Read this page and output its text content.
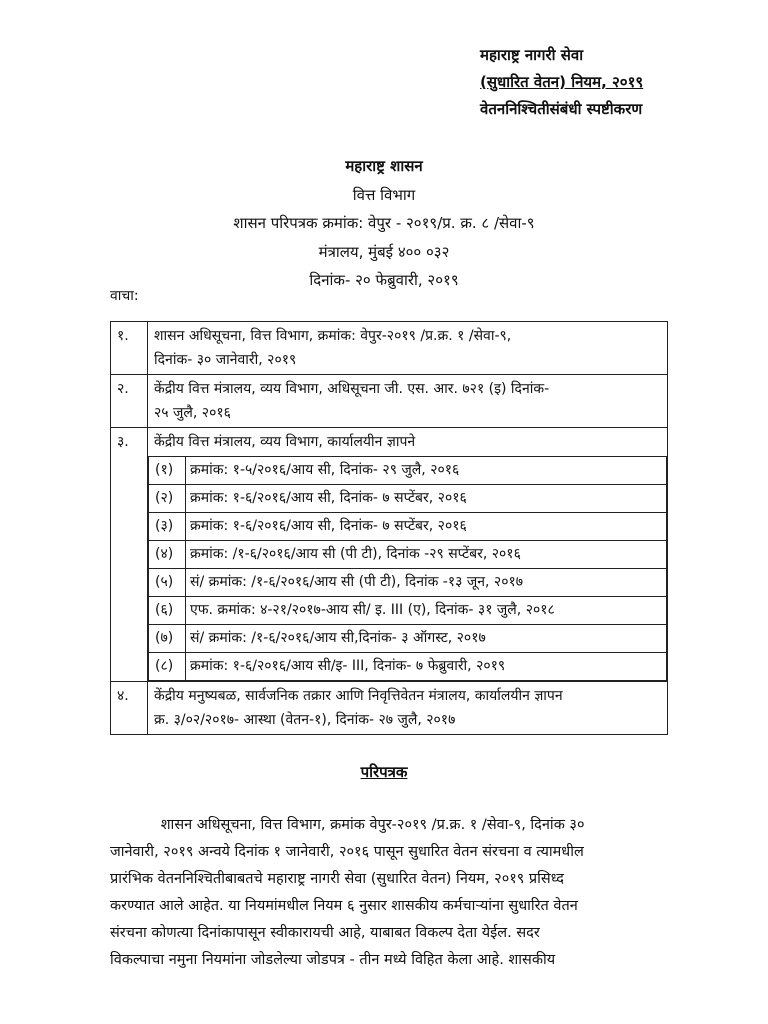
महाराष्ट्र नागरी सेवा
(सुधारित वेतन) नियम, २०१९
वेतननिश्चितीसंबंधी स्पष्टीकरण
महाराष्ट्र शासन
वित्त विभाग
शासन परिपत्रक क्रमांक: वेपुर - २०१९/प्र. क्र. ८ /सेवा-९
मंत्रालय, मुंबई ४०० ०३२
दिनांक- २० फेब्रुवारी, २०१९
वाचा:
१.	शासन अधिसूचना, वित्त विभाग, क्रमांक: वेपुर-२०१९ /प्र.क्र. १ /सेवा-९,
दिनांक- ३० जानेवारी, २०१९

२.	केंद्रीय वित्त मंत्रालय, व्यय विभाग, अधिसूचना जी. एस. आर. ७२१ (इ) दिनांक-
२५ जुलै, २०१६

३.	केंद्रीय वित्त मंत्रालय, व्यय विभाग, कार्यालयीन ज्ञापने
(१)	क्रमांक: १-५/२०१६/आय सी, दिनांक- २९ जुलै, २०१६
(२)	क्रमांक: १-६/२०१६/आय सी, दिनांक- ७ सप्टेंबर, २०१६
(३)	क्रमांक: १-६/२०१६/आय सी, दिनांक- ७ सप्टेंबर, २०१६
(४)	क्रमांक: /१-६/२०१६/आय सी (पी टी), दिनांक -२९ सप्टेंबर, २०१६
(५)	सं/ क्रमांक: /१-६/२०१६/आय सी (पी टी), दिनांक -१३ जून, २०१७
(६)	एफ. क्रमांक: ४-२१/२०१७-आय सी/ इ. III (ए), दिनांक- ३१ जुलै, २०१८
(७)	सं/ क्रमांक: /१-६/२०१६/आय सी,दिनांक- ३ ऑगस्ट, २०१७
(८)	क्रमांक: १-६/२०१६/आय सी/इ- III, दिनांक- ७ फेब्रुवारी, २०१९

४.	केंद्रीय मनुष्यबळ, सार्वजनिक तक्रार आणि निवृत्तिवेतन मंत्रालय, कार्यालयीन ज्ञापन
क्र. ३/०२/२०१७- आस्था (वेतन-१), दिनांक- २७ जुलै, २०१७
परिपत्रक
शासन अधिसूचना, वित्त विभाग, क्रमांक वेपुर-२०१९ /प्र.क्र. १ /सेवा-९, दिनांक ३०
जानेवारी, २०१९ अन्वये दिनांक १ जानेवारी, २०१६ पासून सुधारित वेतन संरचना व त्यामधील
प्रारंभिक वेतननिश्चितीबाबतचे महाराष्ट्र नागरी सेवा (सुधारित वेतन) नियम, २०१९ प्रसिध्द
करण्यात आले आहेत. या नियमांमधील नियम ६ नुसार शासकीय कर्मचाऱ्यांना सुधारित वेतन
संरचना कोणत्या दिनांकापासून स्वीकारायची आहे, याबाबत विकल्प देता येईल. सदर
विकल्पाचा नमुना नियमांना जोडलेल्या जोडपत्र - तीन मध्ये विहित केला आहे. शासकीय
